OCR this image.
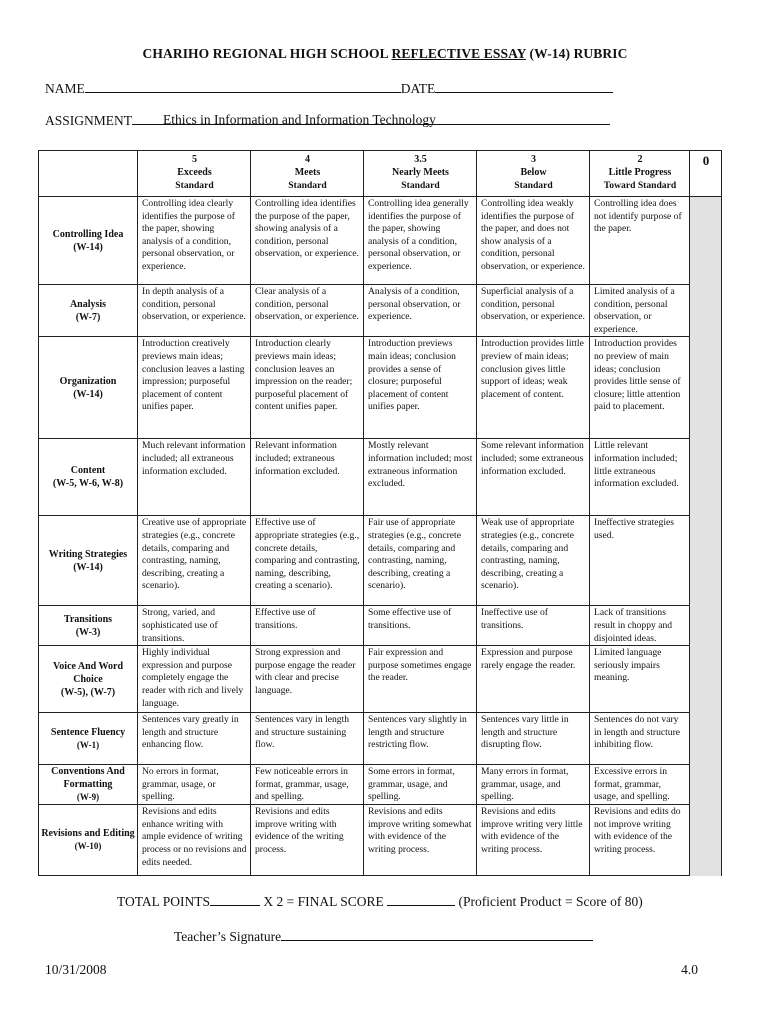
CHARIHO REGIONAL HIGH SCHOOL REFLECTIVE ESSAY (W-14) RUBRIC
NAME	DATE
ASSIGNMENT	Ethics in Information and Information Technology
	5
Exceeds
Standard	4
Meets
Standard	3.5
Nearly Meets
Standard	3
Below
Standard	2
Little Progress
Toward Standard	0

Controlling Idea
(W-14)	Controlling idea clearly identifies the purpose of the paper, showing analysis of a condition, personal observation, or experience.	Controlling idea identifies the purpose of the paper, showing analysis of a condition, personal observation, or experience.	Controlling idea generally identifies the purpose of the paper, showing analysis of a condition, personal observation, or experience.	Controlling idea weakly identifies the purpose of the paper, and does not show analysis of a condition, personal observation, or experience.	Controlling idea does not identify purpose of the paper.	

Analysis
(W-7)	In depth analysis of a condition, personal observation, or experience.	Clear analysis of a condition, personal observation, or experience.	Analysis of a condition, personal observation, or experience.	Superficial analysis of a condition, personal observation, or experience.	Limited analysis of a condition, personal observation, or experience.	

Organization
(W-14)	Introduction creatively previews main ideas; conclusion leaves a lasting impression; purposeful placement of content unifies paper.	Introduction clearly previews main ideas; conclusion leaves an impression on the reader; purposeful placement of content unifies paper.	Introduction previews main ideas; conclusion provides a sense of closure; purposeful placement of content unifies paper.	Introduction provides little preview of main ideas; conclusion gives little support of ideas; weak placement of content.	Introduction provides no preview of main ideas; conclusion provides little sense of closure; little attention paid to placement.	

Content
(W-5, W-6, W-8)	Much relevant information included; all extraneous information excluded.	Relevant information included; extraneous information excluded.	Mostly relevant information included; most extraneous information excluded.	Some relevant information included; some extraneous information excluded.	Little relevant information included; little extraneous information excluded.	

Writing Strategies
(W-14)	Creative use of appropriate strategies (e.g., concrete details, comparing and contrasting, naming, describing, creating a scenario).	Effective use of appropriate strategies (e.g., concrete details, comparing and contrasting, naming, describing, creating a scenario).	Fair use of appropriate strategies (e.g., concrete details, comparing and contrasting, naming, describing, creating a scenario).	Weak use of appropriate strategies (e.g., concrete details, comparing and contrasting, naming, describing, creating a scenario).	Ineffective strategies used.	

Transitions
(W-3)	Strong, varied, and sophisticated use of transitions.	Effective use of transitions.	Some effective use of transitions.	Ineffective use of transitions.	Lack of transitions result in choppy and disjointed ideas.	

Voice And Word Choice
(W-5), (W-7)	Highly individual expression and purpose completely engage the reader with rich and lively language.	Strong expression and purpose engage the reader with clear and precise language.	Fair expression and purpose sometimes engage the reader.	Expression and purpose rarely engage the reader.	Limited language seriously impairs meaning.	

Sentence Fluency
(W-1)	Sentences vary greatly in length and structure enhancing flow.	Sentences vary in length and structure sustaining flow.	Sentences vary slightly in length and structure restricting flow.	Sentences vary little in length and structure disrupting flow.	Sentences do not vary in length and structure inhibiting flow.	

Conventions And Formatting
(W-9)	No errors in format, grammar, usage, or spelling.	Few noticeable errors in format, grammar, usage, and spelling.	Some errors in format, grammar, usage, and spelling.	Many errors in format, grammar, usage, and spelling.	Excessive errors in format, grammar, usage, and spelling.	

Revisions and Editing
(W-10)	Revisions and edits enhance writing with ample evidence of writing process or no revisions and edits needed.	Revisions and edits improve writing with evidence of the writing process.	Revisions and edits improve writing somewhat with evidence of the writing process.	Revisions and edits improve writing very little with evidence of the writing process.	Revisions and edits do not improve writing with evidence of the writing process.	
TOTAL POINTS	X 2 = FINAL SCORE	(Proficient Product = Score of 80)
Teacher’s Signature
10/31/2008	4.0
